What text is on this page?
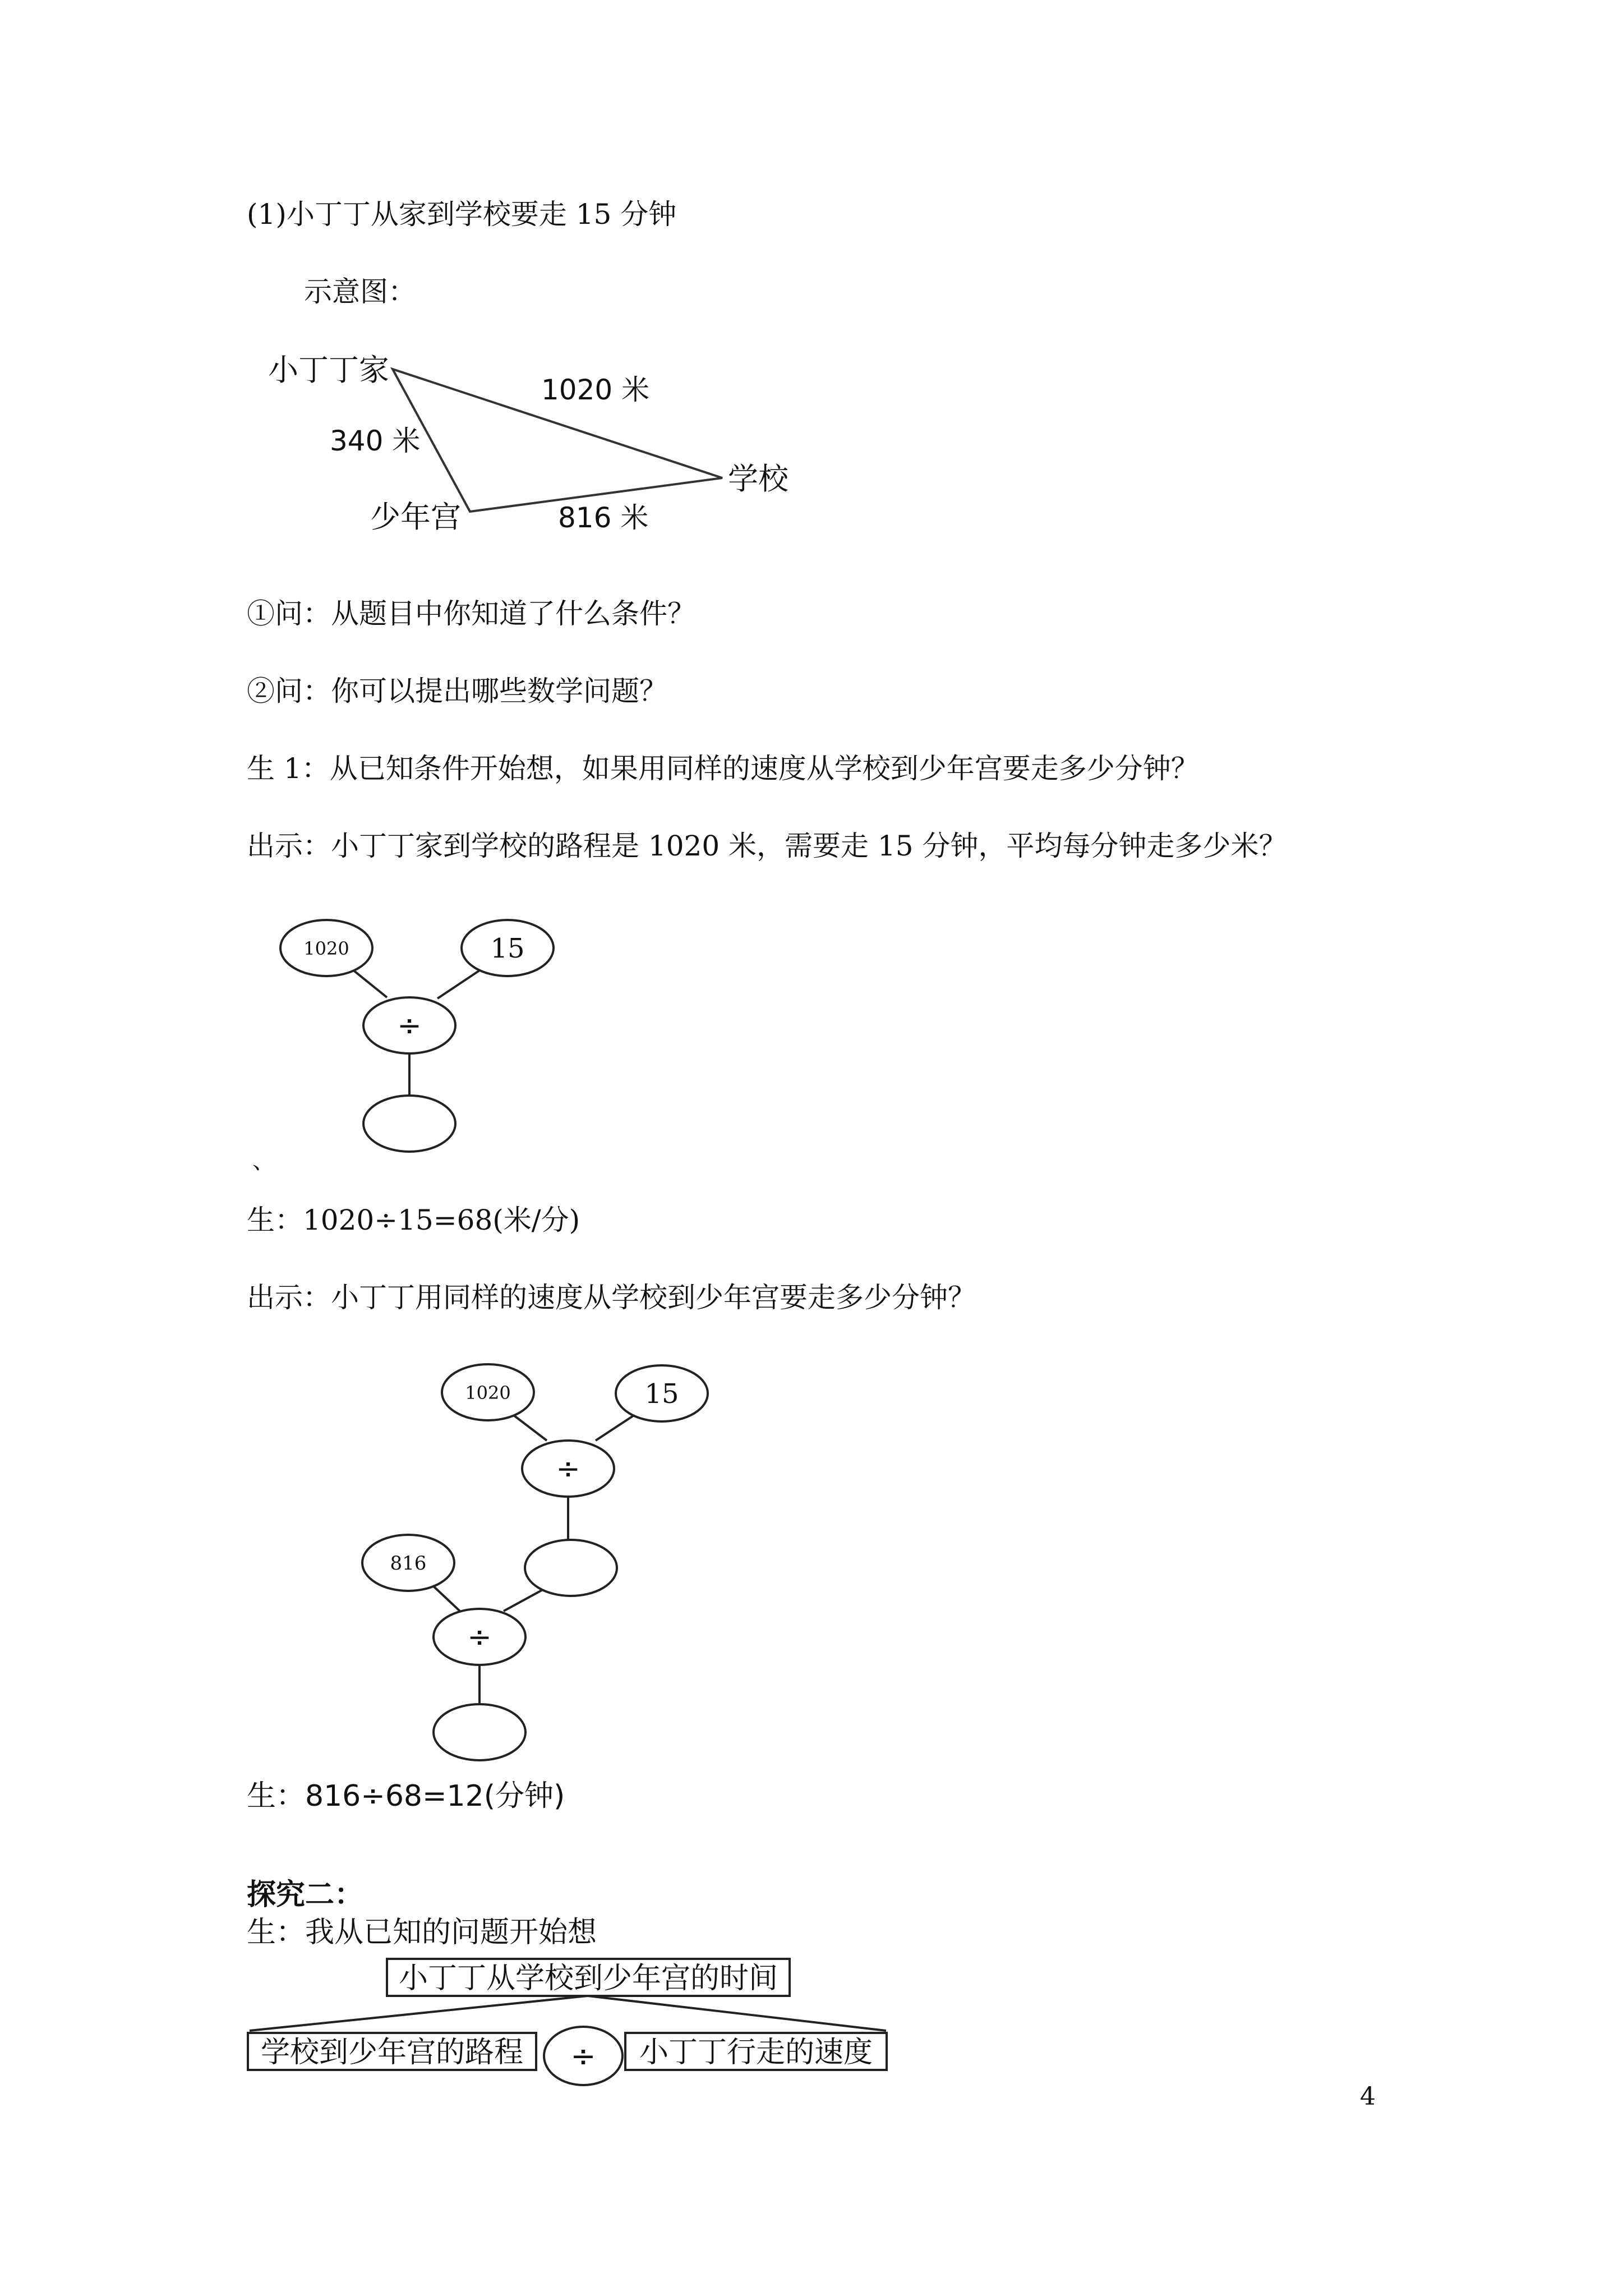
(1)小丁丁从家到学校要走 15 分钟
示意图：
小丁丁家
学校
少年宫
1020 米
340 米
816 米
①问：从题目中你知道了什么条件？
②问：你可以提出哪些数学问题？
生 1：从已知条件开始想，如果用同样的速度从学校到少年宫要走多少分钟？
出示：小丁丁家到学校的路程是 1020 米，需要走 15 分钟，平均每分钟走多少米？
1020	15
÷
、
生：1020÷15=68(米/分)
出示：小丁丁用同样的速度从学校到少年宫要走多少分钟？
1020	15
÷
816
÷
生：816÷68=12(分钟)
探究二：
生：我从已知的问题开始想
÷
小丁丁从学校到少年宫的时间
学校到少年宫的路程	小丁丁行走的速度
4
